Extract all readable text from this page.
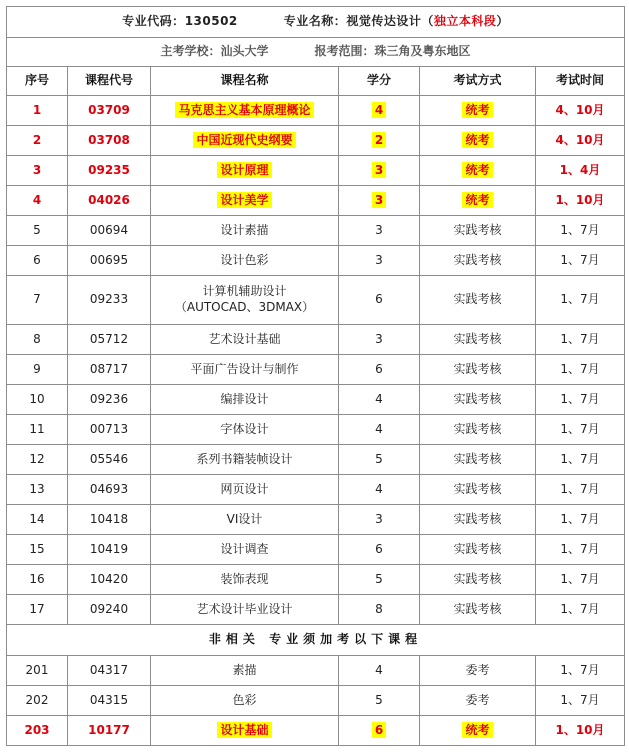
专业代码：130502 专业名称：视觉传达设计（独立本科段）					
主考学校：汕头大学 报考范围：珠三角及粤东地区					
序号	课程代号	课程名称	学分	考试方式	考试时间
1	03709	马克思主义基本原理概论	4	统考	4、10月
2	03708	中国近现代史纲要	2	统考	4、10月
3	09235	设计原理	3	统考	1、4月
4	04026	设计美学	3	统考	1、10月
5	00694	设计素描	3	实践考核	1、7月
6	00695	设计色彩	3	实践考核	1、7月
7	09233	计算机辅助设计
（AUTOCAD、3DMAX）	6	实践考核	1、7月
8	05712	艺术设计基础	3	实践考核	1、7月
9	08717	平面广告设计与制作	6	实践考核	1、7月
10	09236	编排设计	4	实践考核	1、7月
11	00713	字体设计	4	实践考核	1、7月
12	05546	系列书籍装帧设计	5	实践考核	1、7月
13	04693	网页设计	4	实践考核	1、7月
14	10418	VI设计	3	实践考核	1、7月
15	10419	设计调查	6	实践考核	1、7月
16	10420	装饰表现	5	实践考核	1、7月
17	09240	艺术设计毕业设计	8	实践考核	1、7月
非相关 专业须加考以下课程					
201	04317	素描	4	委考	1、7月
202	04315	色彩	5	委考	1、7月
203	10177	设计基础	6	统考	1、10月
